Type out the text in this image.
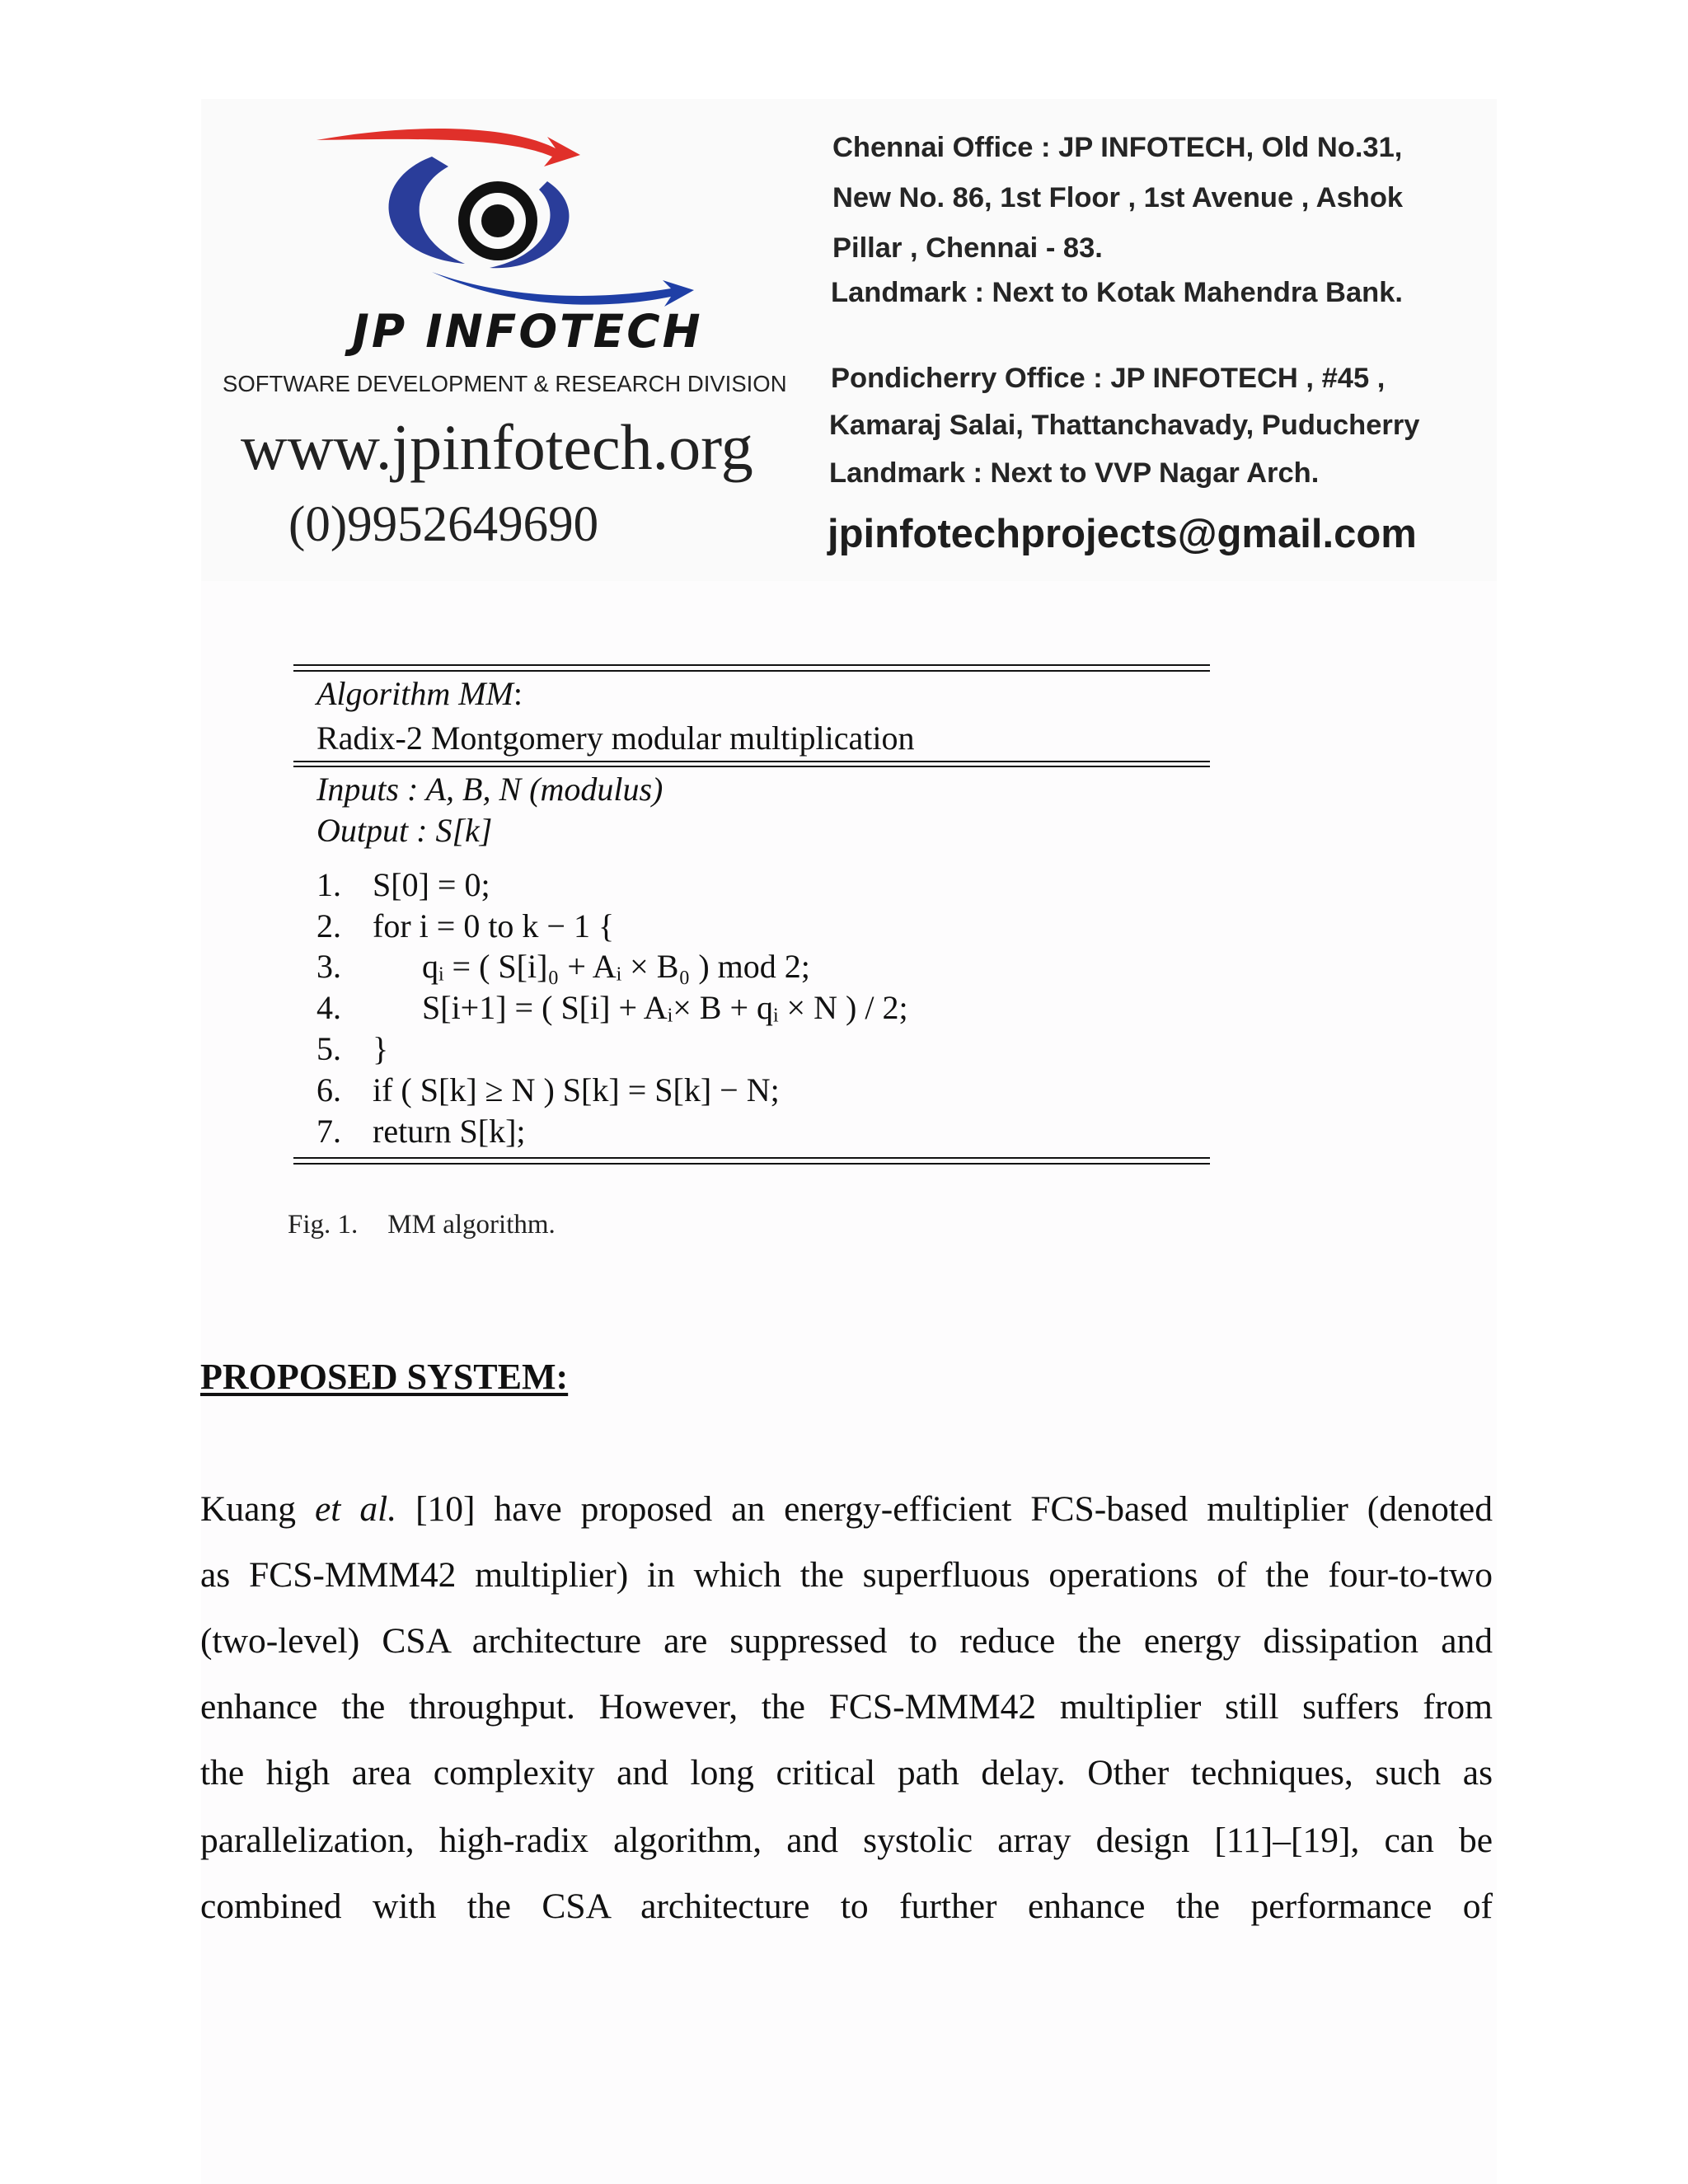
JP INFOTECH
SOFTWARE DEVELOPMENT & RESEARCH DIVISION
www.jpinfotech.org
(0)9952649690
Chennai Office : JP INFOTECH, Old No.31,
New No. 86, 1st Floor , 1st Avenue , Ashok
Pillar , Chennai - 83.
Landmark : Next to Kotak Mahendra Bank.
Pondicherry Office : JP INFOTECH , #45 ,
Kamaraj Salai, Thattanchavady, Puducherry
Landmark : Next to VVP Nagar Arch.
jpinfotechprojects@gmail.com
Algorithm MM:
Radix-2 Montgomery modular multiplication
Inputs : A, B, N (modulus)
Output : S[k]
1. S[0] = 0;
2. for i = 0 to k − 1 {
3. qᵢ = ( S[i]₀ + Aᵢ × B₀ ) mod 2;
4. S[i+1] = ( S[i] + Aᵢ× B + qᵢ × N ) / 2;
5. }
6. if ( S[k] ≥ N ) S[k] = S[k] − N;
7. return S[k];
Fig. 1. MM algorithm.
PROPOSED SYSTEM:
Kuang et al. [10] have proposed an energy-efficient FCS-based multiplier (denoted
as FCS-MMM42 multiplier) in which the superfluous operations of the four-to-two
(two-level) CSA architecture are suppressed to reduce the energy dissipation and
enhance the throughput. However, the FCS-MMM42 multiplier still suffers from
the high area complexity and long critical path delay. Other techniques, such as
parallelization, high-radix algorithm, and systolic array design [11]–[19], can be
combined with the CSA architecture to further enhance the performance of
